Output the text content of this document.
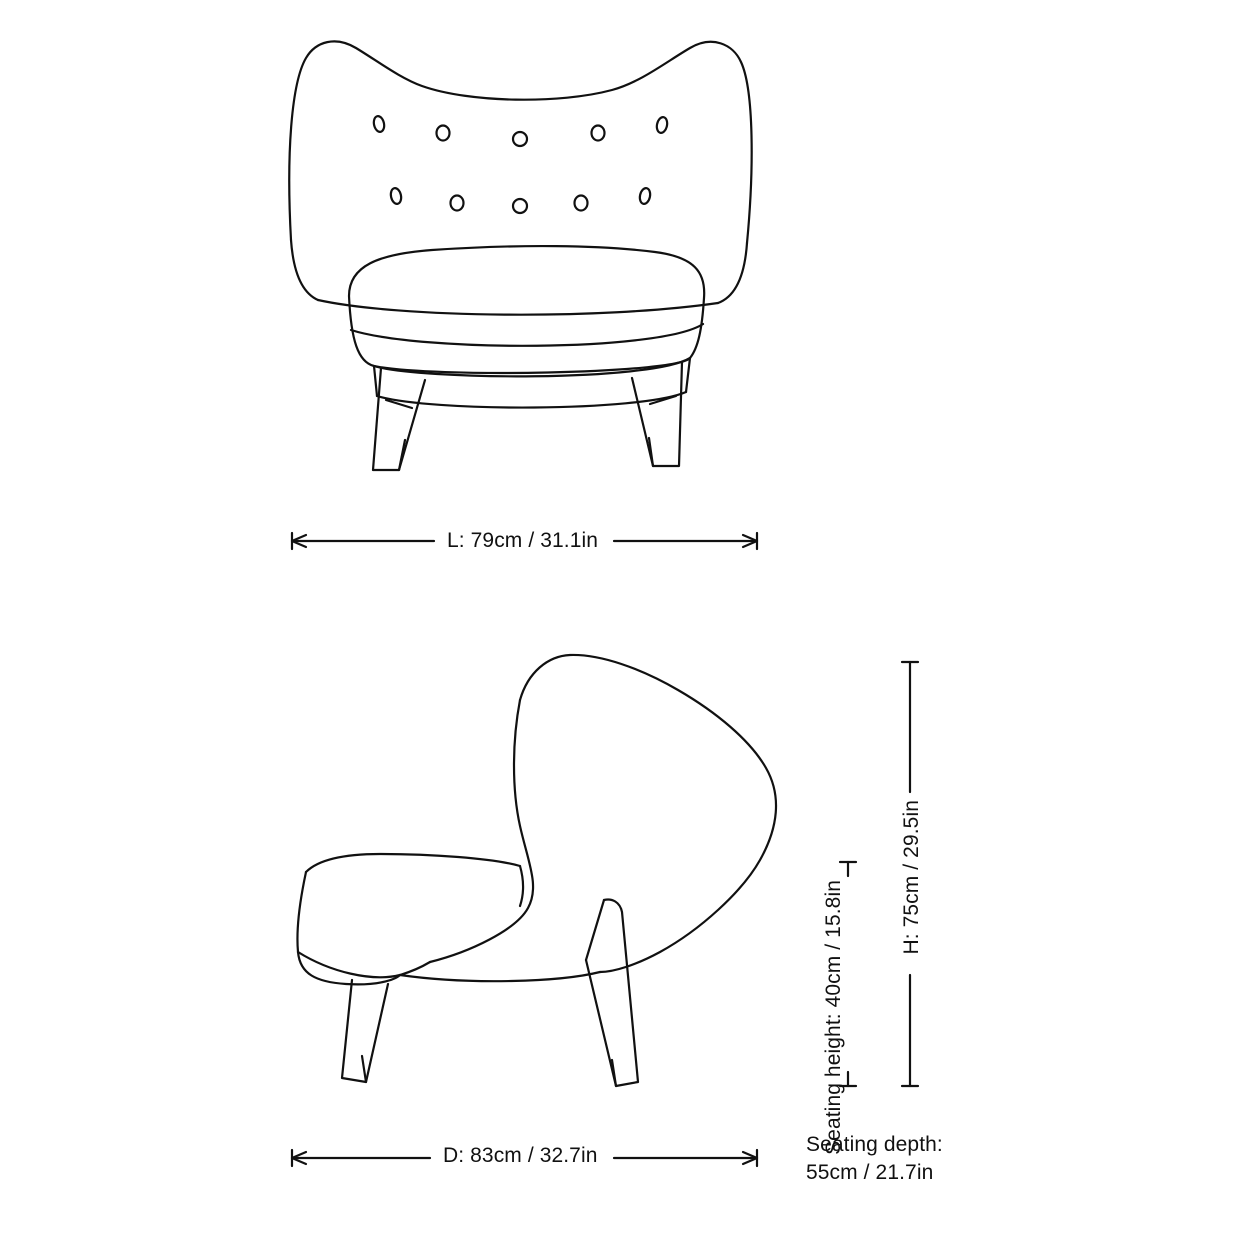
L: 79cm / 31.1in
D: 83cm / 32.7in
H: 75cm / 29.5in
Seating height: 40cm / 15.8in
Seating depth: 55cm / 21.7in
